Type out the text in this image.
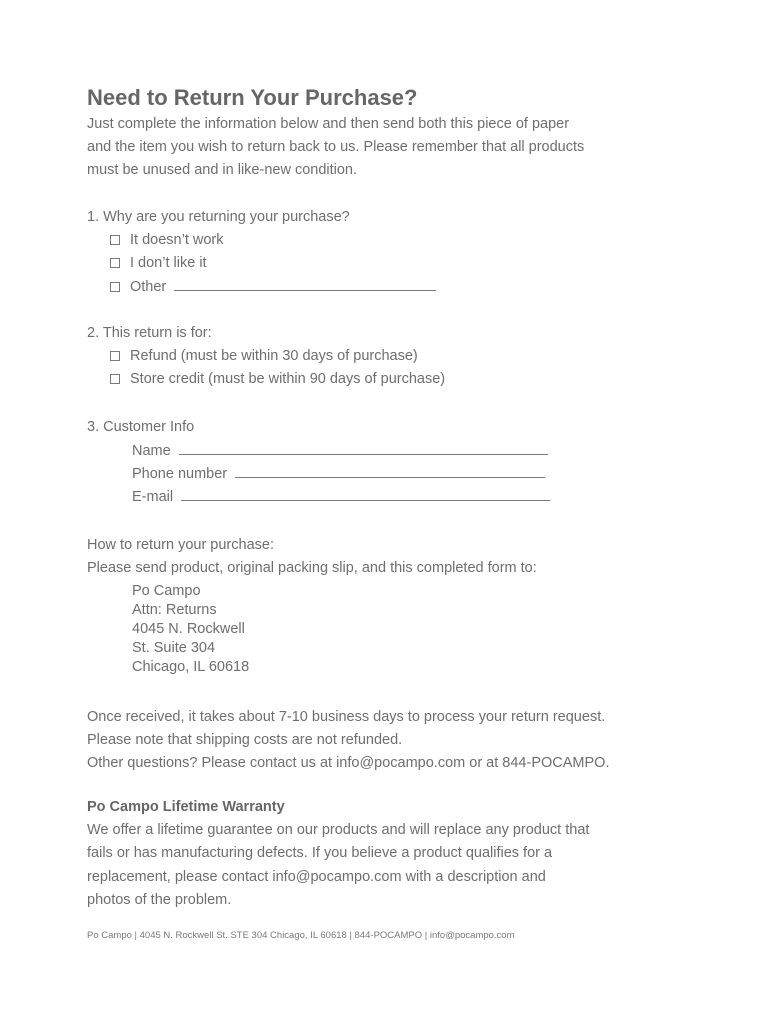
Need to Return Your Purchase?
Just complete the information below and then send both this piece of paper
and the item you wish to return back to us. Please remember that all products
must be unused and in like-new condition.
1. Why are you returning your purchase?
It doesn’t work
I don’t like it
Other
2. This return is for:
Refund (must be within 30 days of purchase)
Store credit (must be within 90 days of purchase)
3. Customer Info
Name
Phone number
E-mail
How to return your purchase:
Please send product, original packing slip, and this completed form to:
Po Campo
Attn: Returns
4045 N. Rockwell
St. Suite 304
Chicago, IL 60618
Once received, it takes about 7-10 business days to process your return request.
Please note that shipping costs are not refunded.
Other questions? Please contact us at info@pocampo.com or at 844-POCAMPO.
Po Campo Lifetime Warranty
We offer a lifetime guarantee on our products and will replace any product that
fails or has manufacturing defects. If you believe a product qualifies for a
replacement, please contact info@pocampo.com with a description and
photos of the problem.
Po Campo | 4045 N. Rockwell St. STE 304 Chicago, IL 60618 | 844-POCAMPO | info@pocampo.com
